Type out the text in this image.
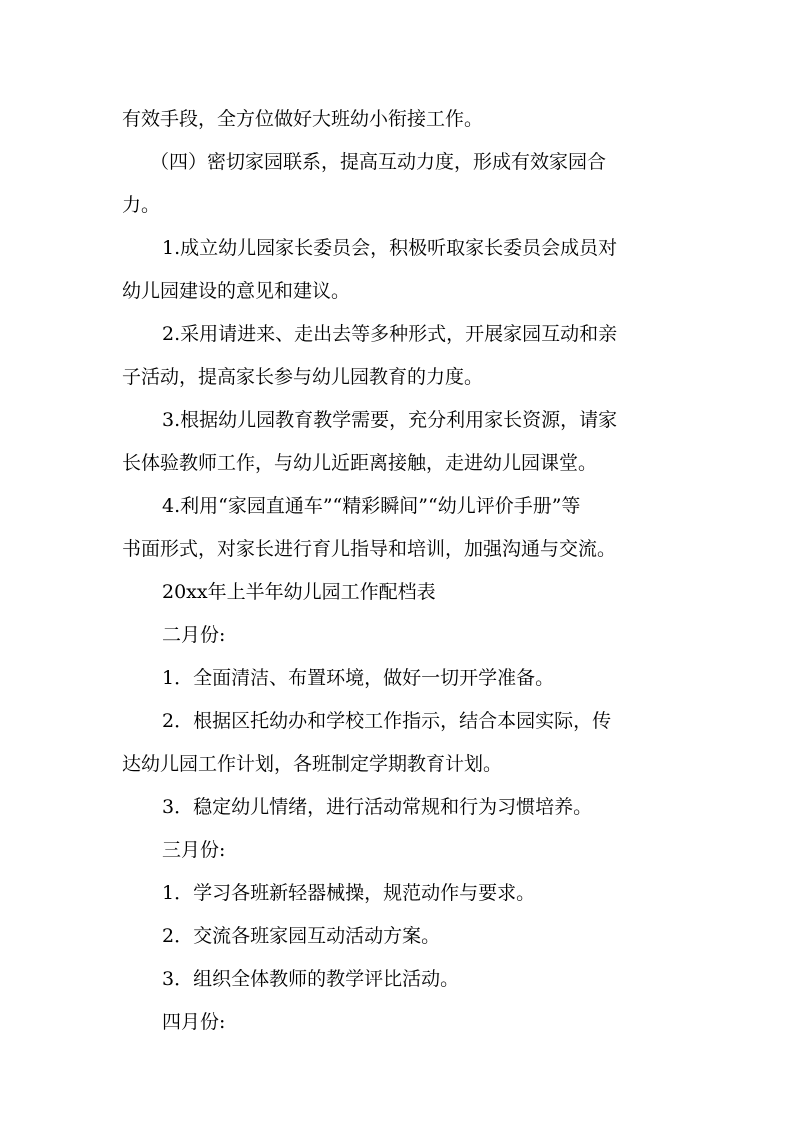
有效手段，全方位做好大班幼小衔接工作。
（四）密切家园联系，提高互动力度，形成有效家园合
力。
1.成立幼儿园家长委员会，积极听取家长委员会成员对
幼儿园建设的意见和建议。
2.采用请进来、走出去等多种形式，开展家园互动和亲
子活动，提高家长参与幼儿园教育的力度。
3.根据幼儿园教育教学需要，充分利用家长资源，请家
长体验教师工作，与幼儿近距离接触，走进幼儿园课堂。
4.利用“家园直通车”“精彩瞬间”“幼儿评价手册”等
书面形式，对家长进行育儿指导和培训，加强沟通与交流。
20xx年上半年幼儿园工作配档表
二月份:
1．全面清洁、布置环境，做好一切开学准备。
2．根据区托幼办和学校工作指示，结合本园实际，传
达幼儿园工作计划，各班制定学期教育计划。
3．稳定幼儿情绪，进行活动常规和行为习惯培养。
三月份:
1．学习各班新轻器械操，规范动作与要求。
2．交流各班家园互动活动方案。
3．组织全体教师的教学评比活动。
四月份:
